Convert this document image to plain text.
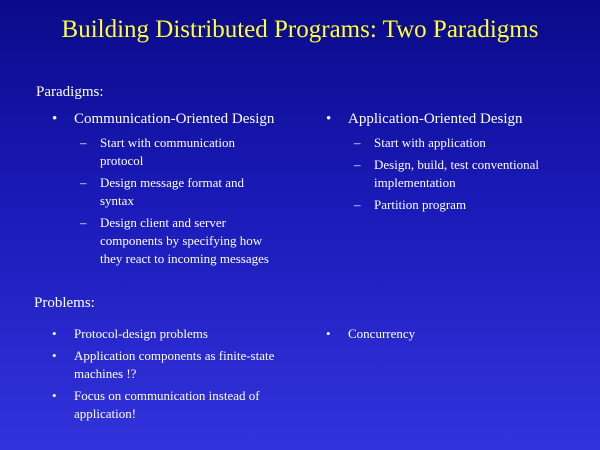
Building Distributed Programs: Two Paradigms
Paradigms:
•	Communication-Oriented Design
–	Start with communication protocol
–	Design message format and syntax
–	Design client and server components by specifying how they react to incoming messages
•	Application-Oriented Design
–	Start with application
–	Design, build, test conventional implementation
–	Partition program
Problems:
•	Protocol-design problems
•	Application components as finite-state machines !?
•	Focus on communication instead of application!
•	Concurrency
